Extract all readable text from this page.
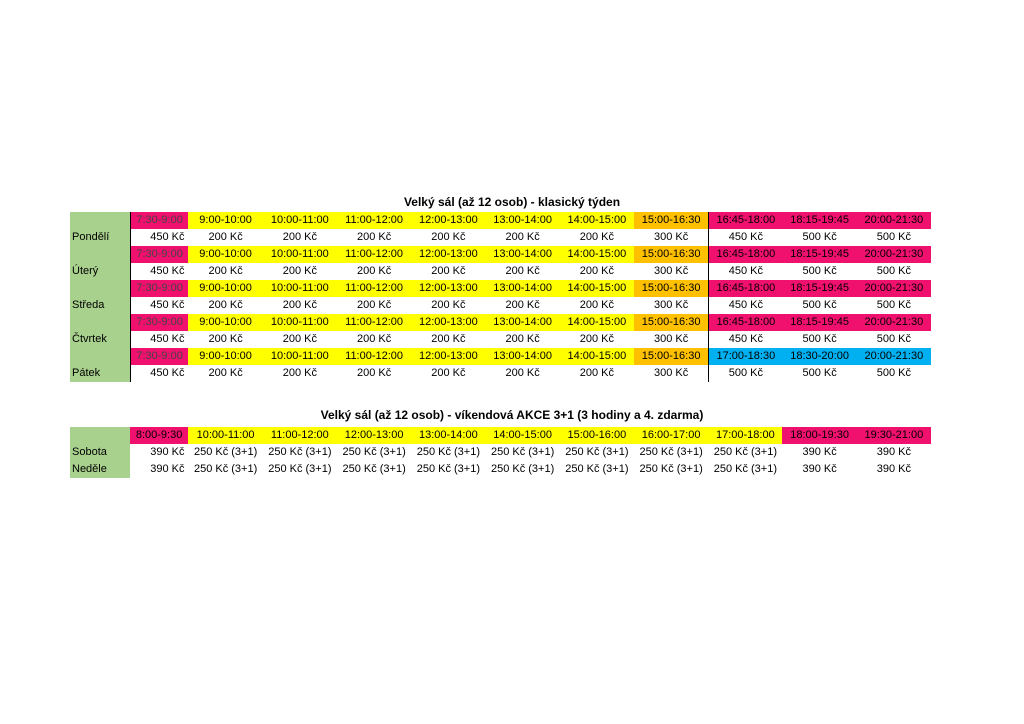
Velký sál (až 12 osob) - klasický týden
7:30-9:00	9:00-10:00	10:00-11:00	11:00-12:00	12:00-13:00	13:00-14:00	14:00-15:00	15:00-16:30	16:45-18:00	18:15-19:45	20:00-21:30
Pondělí	450 Kč	200 Kč	200 Kč	200 Kč	200 Kč	200 Kč	200 Kč	300 Kč	450 Kč	500 Kč	500 Kč
7:30-9:00	9:00-10:00	10:00-11:00	11:00-12:00	12:00-13:00	13:00-14:00	14:00-15:00	15:00-16:30	16:45-18:00	18:15-19:45	20:00-21:30
Úterý	450 Kč	200 Kč	200 Kč	200 Kč	200 Kč	200 Kč	200 Kč	300 Kč	450 Kč	500 Kč	500 Kč
7:30-9:00	9:00-10:00	10:00-11:00	11:00-12:00	12:00-13:00	13:00-14:00	14:00-15:00	15:00-16:30	16:45-18:00	18:15-19:45	20:00-21:30
Středa	450 Kč	200 Kč	200 Kč	200 Kč	200 Kč	200 Kč	200 Kč	300 Kč	450 Kč	500 Kč	500 Kč
7:30-9:00	9:00-10:00	10:00-11:00	11:00-12:00	12:00-13:00	13:00-14:00	14:00-15:00	15:00-16:30	16:45-18:00	18:15-19:45	20:00-21:30
Čtvrtek	450 Kč	200 Kč	200 Kč	200 Kč	200 Kč	200 Kč	200 Kč	300 Kč	450 Kč	500 Kč	500 Kč
7:30-9:00	9:00-10:00	10:00-11:00	11:00-12:00	12:00-13:00	13:00-14:00	14:00-15:00	15:00-16:30	17:00-18:30	18:30-20:00	20:00-21:30
Pátek	450 Kč	200 Kč	200 Kč	200 Kč	200 Kč	200 Kč	200 Kč	300 Kč	500 Kč	500 Kč	500 Kč
Velký sál (až 12 osob) - víkendová AKCE 3+1 (3 hodiny a 4. zdarma)
8:00-9:30	10:00-11:00	11:00-12:00	12:00-13:00	13:00-14:00	14:00-15:00	15:00-16:00	16:00-17:00	17:00-18:00	18:00-19:30	19:30-21:00
Sobota	390 Kč 250 Kč (3+1) 250 Kč (3+1) 250 Kč (3+1) 250 Kč (3+1) 250 Kč (3+1) 250 Kč (3+1) 250 Kč (3+1) 250 Kč (3+1)	390 Kč	390 Kč
Neděle	390 Kč 250 Kč (3+1) 250 Kč (3+1) 250 Kč (3+1) 250 Kč (3+1) 250 Kč (3+1) 250 Kč (3+1) 250 Kč (3+1) 250 Kč (3+1)	390 Kč	390 Kč
